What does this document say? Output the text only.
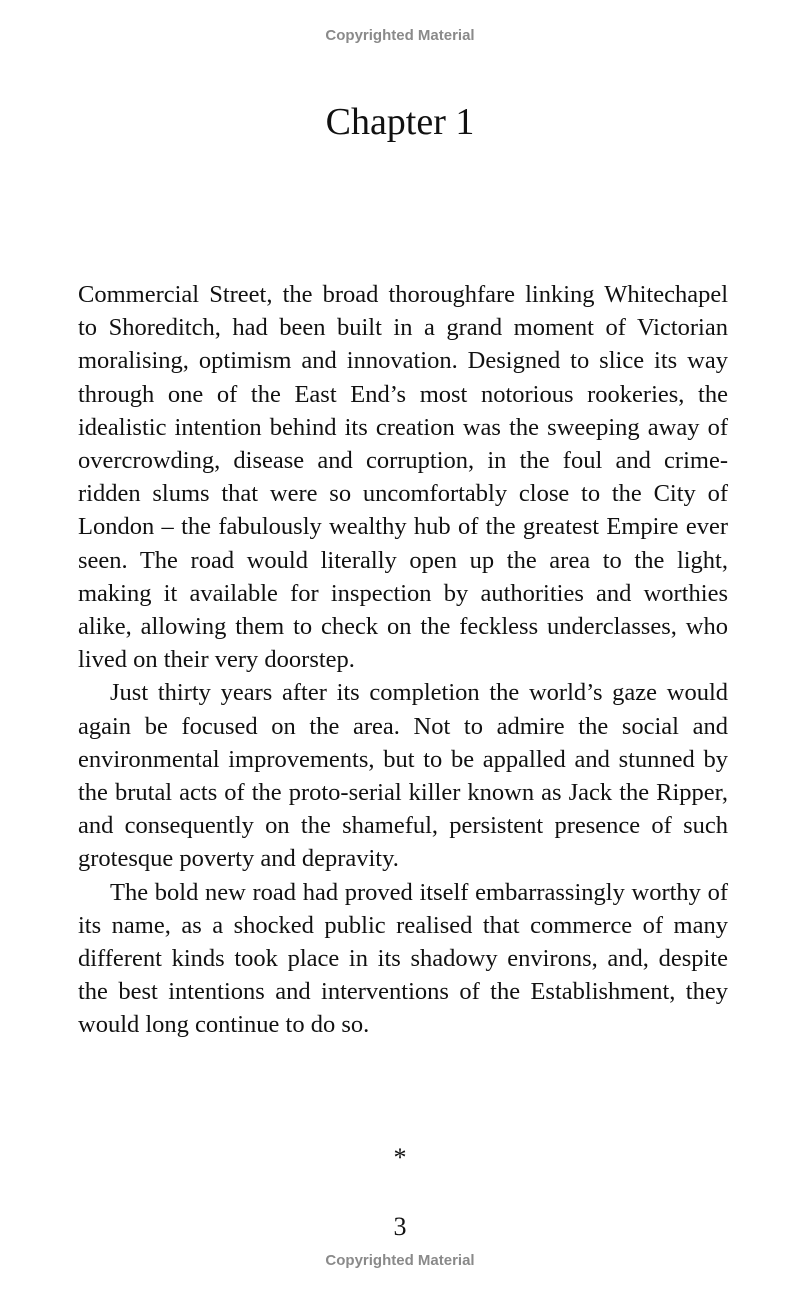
Copyrighted Material
Chapter 1

Commercial Street, the broad thoroughfare linking Whitechapel to Shoreditch, had been built in a grand moment of Victorian moralising, optimism and innovation. Designed to slice its way through one of the East End’s most notorious rookeries, the idealistic intention behind its creation was the sweeping away of overcrowding, disease and corruption, in the foul and crime-ridden slums that were so uncomfortably close to the City of London – the fabulously wealthy hub of the greatest Empire ever seen. The road would literally open up the area to the light, making it available for inspection by authorities and worthies alike, allowing them to check on the feckless underclasses, who lived on their very doorstep.

Just thirty years after its completion the world’s gaze would again be focused on the area. Not to admire the social and environmental improvements, but to be appalled and stunned by the brutal acts of the proto-serial killer known as Jack the Ripper, and consequently on the shameful, persistent presence of such grotesque poverty and depravity.

The bold new road had proved itself embarrassingly worthy of its name, as a shocked public realised that commerce of many different kinds took place in its shadowy environs, and, despite the best intentions and interventions of the Establishment, they would long continue to do so.

*
3
Copyrighted Material
